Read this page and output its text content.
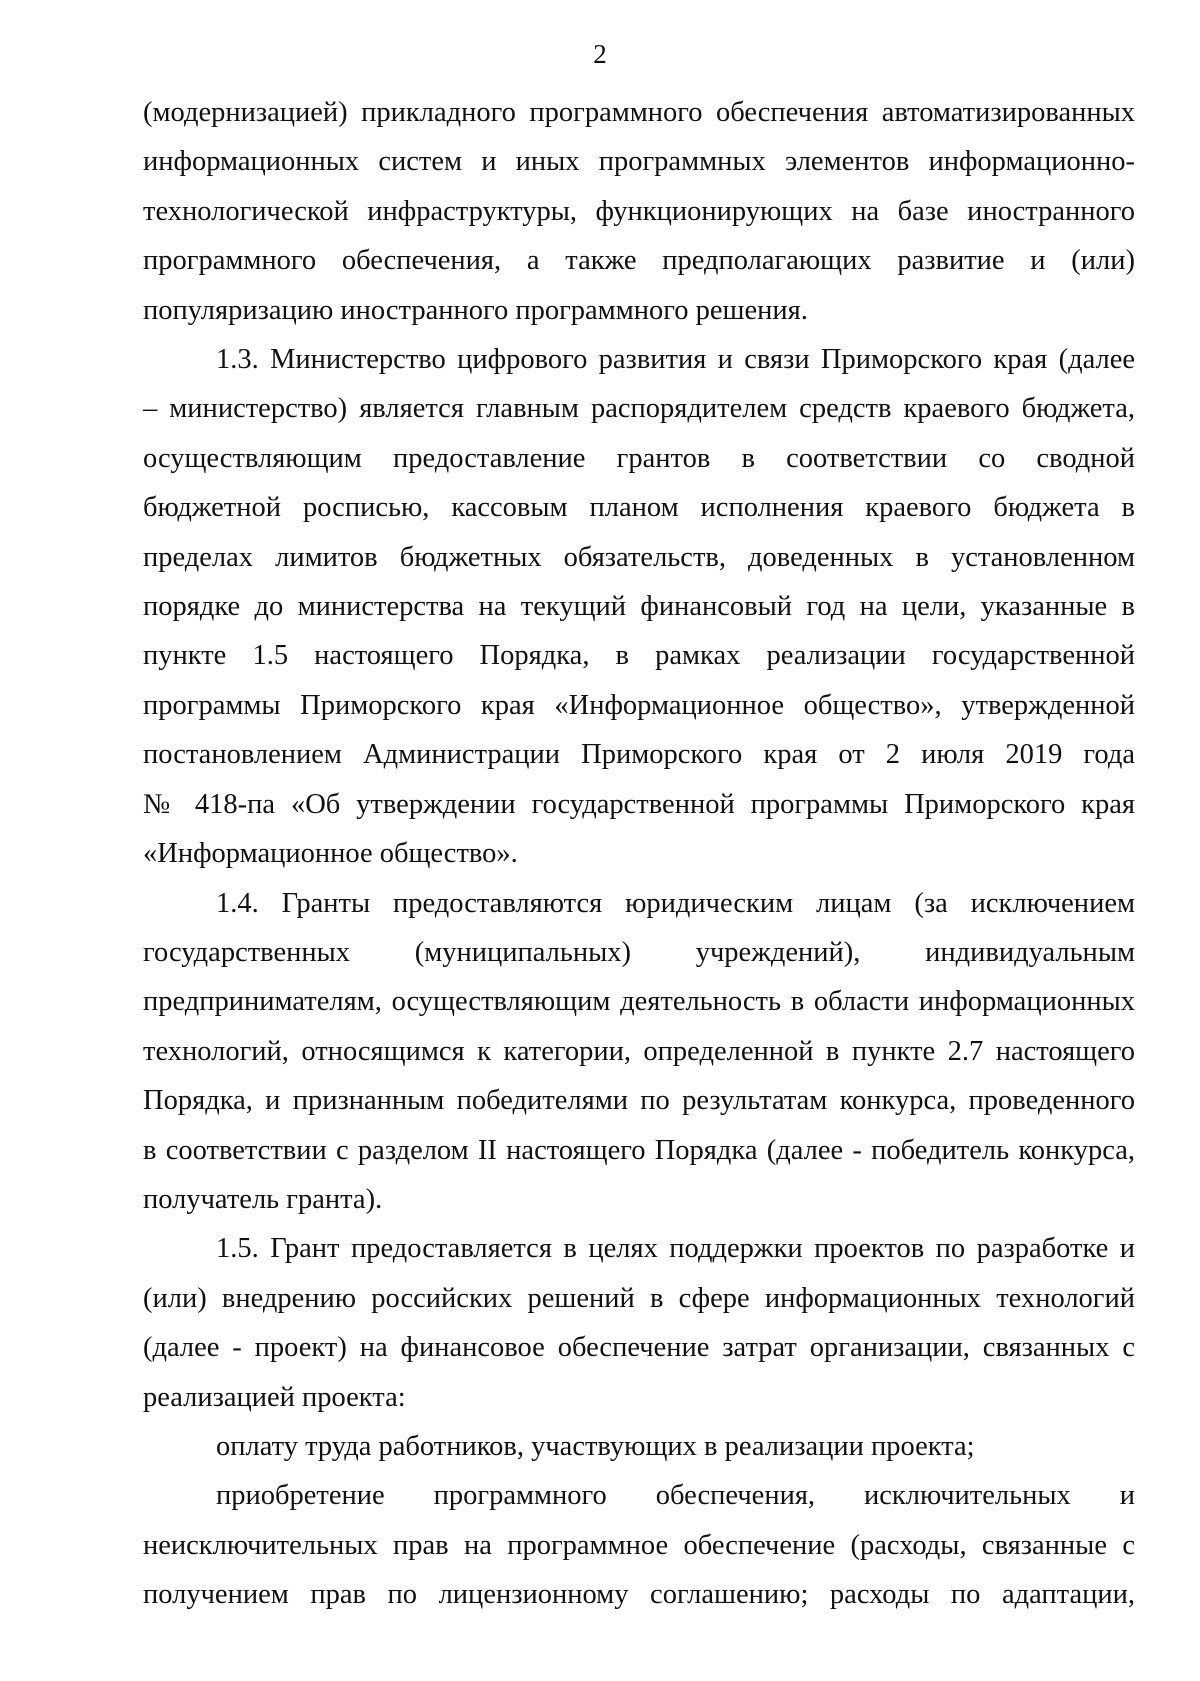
2
(модернизацией) прикладного программного обеспечения автоматизированных
информационных систем и иных программных элементов информационно-
технологической инфраструктуры, функционирующих на базе иностранного
программного обеспечения, а также предполагающих развитие и (или)
популяризацию иностранного программного решения.
1.3. Министерство цифрового развития и связи Приморского края (далее
– министерство) является главным распорядителем средств краевого бюджета,
осуществляющим предоставление грантов в соответствии со сводной
бюджетной росписью, кассовым планом исполнения краевого бюджета в
пределах лимитов бюджетных обязательств, доведенных в установленном
порядке до министерства на текущий финансовый год на цели, указанные в
пункте 1.5 настоящего Порядка, в рамках реализации государственной
программы Приморского края «Информационное общество», утвержденной
постановлением Администрации Приморского края от 2 июля 2019 года
№ 418-па «Об утверждении государственной программы Приморского края
«Информационное общество».
1.4. Гранты предоставляются юридическим лицам (за исключением
государственных (муниципальных) учреждений), индивидуальным
предпринимателям, осуществляющим деятельность в области информационных
технологий, относящимся к категории, определенной в пункте 2.7 настоящего
Порядка, и признанным победителями по результатам конкурса, проведенного
в соответствии с разделом II настоящего Порядка (далее - победитель конкурса,
получатель гранта).
1.5. Грант предоставляется в целях поддержки проектов по разработке и
(или) внедрению российских решений в сфере информационных технологий
(далее - проект) на финансовое обеспечение затрат организации, связанных с
реализацией проекта:
оплату труда работников, участвующих в реализации проекта;
приобретение программного обеспечения, исключительных и
неисключительных прав на программное обеспечение (расходы, связанные с
получением прав по лицензионному соглашению; расходы по адаптации,
